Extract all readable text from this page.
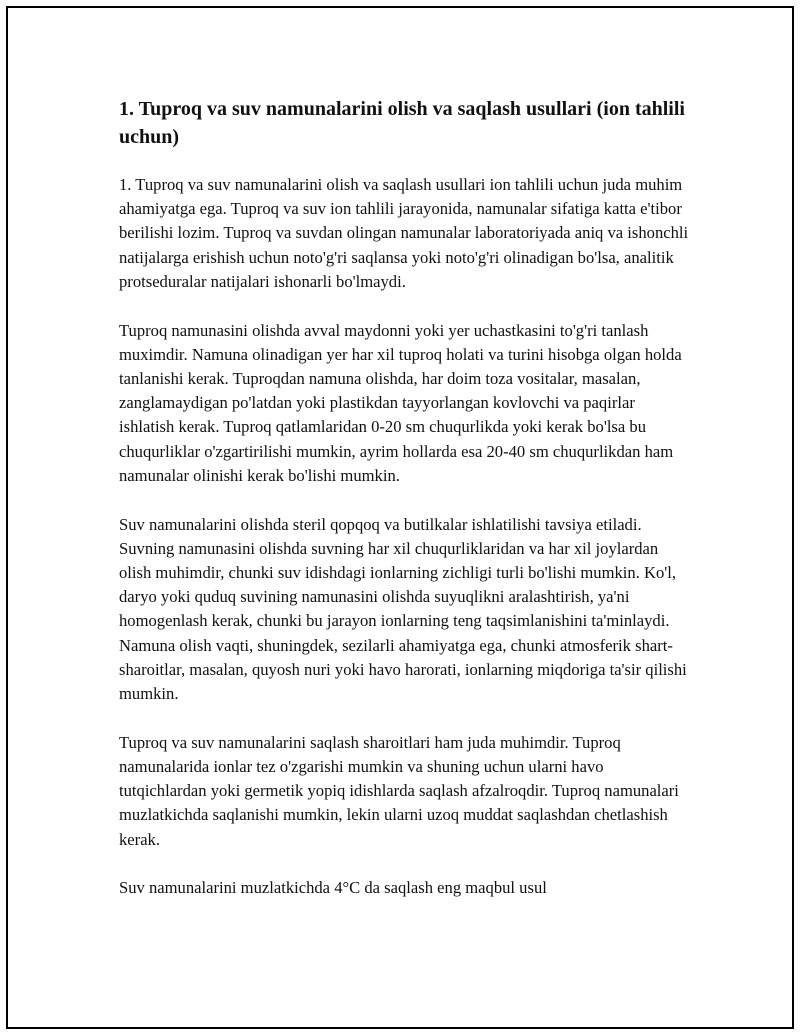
1. Tuproq va suv namunalarini olish va saqlash usullari (ion tahlili uchun)

1. Tuproq va suv namunalarini olish va saqlash usullari ion tahlili uchun juda muhim ahamiyatga ega. Tuproq va suv ion tahlili jarayonida, namunalar sifatiga katta e'tibor berilishi lozim. Tuproq va suvdan olingan namunalar laboratoriyada aniq va ishonchli natijalarga erishish uchun noto'g'ri saqlansa yoki noto'g'ri olinadigan bo'lsa, analitik protseduralar natijalari ishonarli bo'lmaydi.

Tuproq namunasini olishda avval maydonni yoki yer uchastkasini to'g'ri tanlash muximdir. Namuna olinadigan yer har xil tuproq holati va turini hisobga olgan holda tanlanishi kerak. Tuproqdan namuna olishda, har doim toza vositalar, masalan, zanglamaydigan po'latdan yoki plastikdan tayyorlangan kovlovchi va paqirlar ishlatish kerak. Tuproq qatlamlaridan 0-20 sm chuqurlikda yoki kerak bo'lsa bu chuqurliklar o'zgartirilishi mumkin, ayrim hollarda esa 20-40 sm chuqurlikdan ham namunalar olinishi kerak bo'lishi mumkin.

Suv namunalarini olishda steril qopqoq va butilkalar ishlatilishi tavsiya etiladi. Suvning namunasini olishda suvning har xil chuqurliklaridan va har xil joylardan olish muhimdir, chunki suv idishdagi ionlarning zichligi turli bo'lishi mumkin. Ko'l, daryo yoki quduq suvining namunasini olishda suyuqlikni aralashtirish, ya'ni homogenlash kerak, chunki bu jarayon ionlarning teng taqsimlanishini ta'minlaydi. Namuna olish vaqti, shuningdek, sezilarli ahamiyatga ega, chunki atmosferik shart-sharoitlar, masalan, quyosh nuri yoki havo harorati, ionlarning miqdoriga ta'sir qilishi mumkin.

Tuproq va suv namunalarini saqlash sharoitlari ham juda muhimdir. Tuproq namunalarida ionlar tez o'zgarishi mumkin va shuning uchun ularni havo tutqichlardan yoki germetik yopiq idishlarda saqlash afzalroqdir. Tuproq namunalari muzlatkichda saqlanishi mumkin, lekin ularni uzoq muddat saqlashdan chetlashish kerak.

Suv namunalarini muzlatkichda 4°C da saqlash eng maqbul usul
